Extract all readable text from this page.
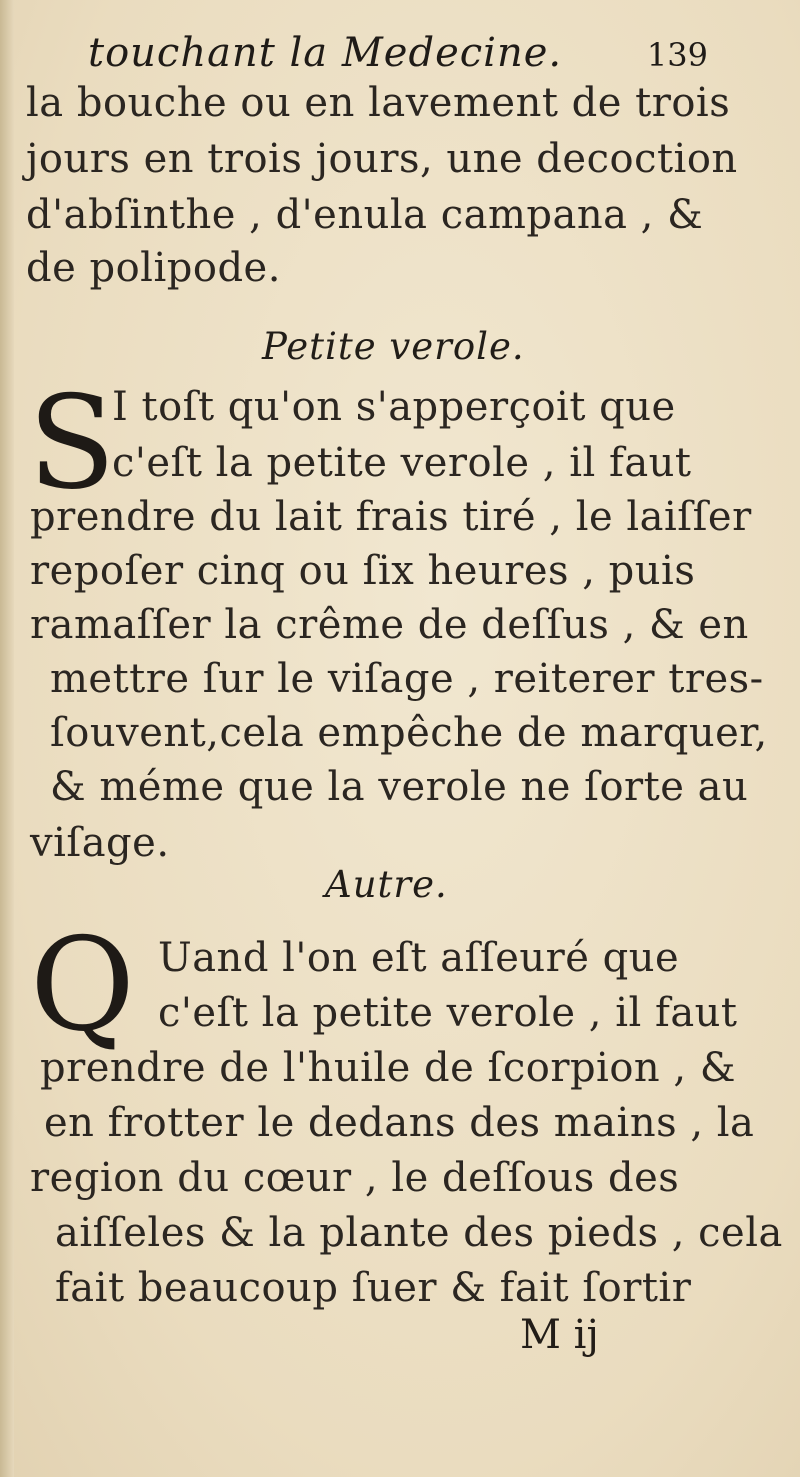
touchant la Medecine.	139
la bouche ou en lavement de trois
jours en trois jours, une decoction
d'abſinthe , d'enula campana , &
de polipode.
Petite verole.
S
I toſt qu'on s'apperçoit que
c'eſt la petite verole , il faut
prendre du lait frais tiré , le laiſſer
repoſer cinq ou ſix heures , puis
ramaſſer la crême de deſſus , & en
mettre ſur le viſage , reiterer tres-
ſouvent,cela empêche de marquer,
& méme que la verole ne ſorte au
viſage.
Autre.
Q Uand l'on eſt aſſeuré que
c'eſt la petite verole , il faut
prendre de l'huile de ſcorpion , &
en frotter le dedans des mains , la
region du cœur , le deſſous des
aiſſeles & la plante des pieds , cela
fait beaucoup ſuer & fait ſortir
M ij
